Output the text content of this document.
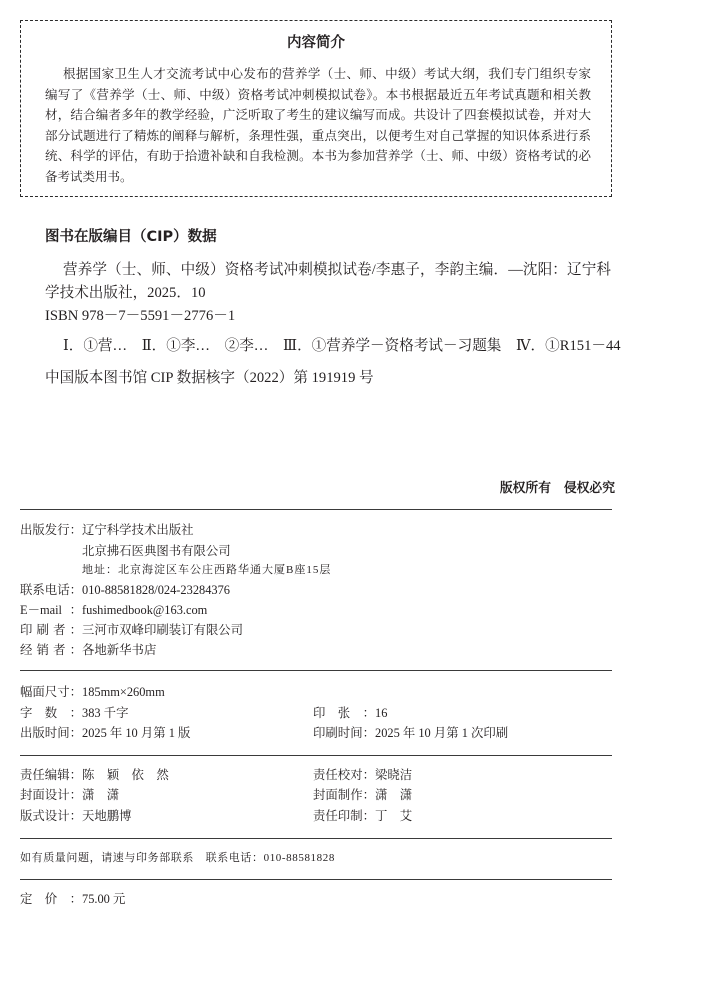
内容简介
根据国家卫生人才交流考试中心发布的营养学（士、师、中级）考试大纲，我们专门组织专家
编写了《营养学（士、师、中级）资格考试冲刺模拟试卷》。本书根据最近五年考试真题和相关教
材，结合编者多年的教学经验，广泛听取了考生的建议编写而成。共设计了四套模拟试卷，并对大
部分试题进行了精炼的阐释与解析，条理性强，重点突出，以便考生对自己掌握的知识体系进行系
统、科学的评估，有助于拾遗补缺和自我检测。本书为参加营养学（士、师、中级）资格考试的必
备考试类用书。
图书在版编目（CIP）数据
营养学（士、师、中级）资格考试冲刺模拟试卷/李惠子，李韵主编．—沈阳：辽宁科
学技术出版社，2025．10
ISBN 978－7－5591－2776－1
Ⅰ．①营…　Ⅱ．①李…　②李…　Ⅲ．①营养学－资格考试－习题集　Ⅳ．①R151－44
中国版本图书馆 CIP 数据核字（2022）第 191919 号
版权所有　侵权必究
出版发行：辽宁科学技术出版社
北京拂石医典图书有限公司
地址：北京海淀区车公庄西路华通大厦B座15层
联系电话：010-88581828/024-23284376
E－mail：fushimedbook@163.com
印刷者：三河市双峰印刷装订有限公司
经销者：各地新华书店
幅面尺寸：185mm×260mm
字数：383 千字	印张：16
出版时间：2025 年 10 月第 1 版	印刷时间：2025 年 10 月第 1 次印刷
责任编辑：陈　颖　依　然	责任校对：梁晓洁
封面设计：潇　潇	封面制作：潇　潇
版式设计：天地鹏博	责任印制：丁　艾
如有质量问题，请速与印务部联系　联系电话：010-88581828
定价：75.00 元
